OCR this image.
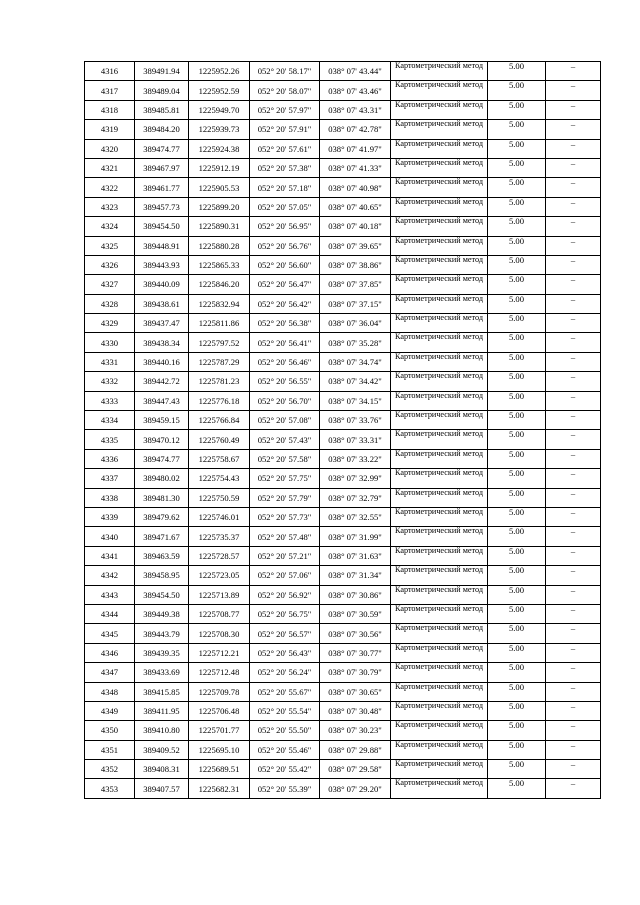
4316	389491.94	1225952.26	052° 20' 58.17"	038° 07' 43.44"	Картометрический метод	5.00	–
4317	389489.04	1225952.59	052° 20' 58.07"	038° 07' 43.46"	Картометрический метод	5.00	–
4318	389485.81	1225949.70	052° 20' 57.97"	038° 07' 43.31"	Картометрический метод	5.00	–
4319	389484.20	1225939.73	052° 20' 57.91"	038° 07' 42.78"	Картометрический метод	5.00	–
4320	389474.77	1225924.38	052° 20' 57.61"	038° 07' 41.97"	Картометрический метод	5.00	–
4321	389467.97	1225912.19	052° 20' 57.38"	038° 07' 41.33"	Картометрический метод	5.00	–
4322	389461.77	1225905.53	052° 20' 57.18"	038° 07' 40.98"	Картометрический метод	5.00	–
4323	389457.73	1225899.20	052° 20' 57.05"	038° 07' 40.65"	Картометрический метод	5.00	–
4324	389454.50	1225890.31	052° 20' 56.95"	038° 07' 40.18"	Картометрический метод	5.00	–
4325	389448.91	1225880.28	052° 20' 56.76"	038° 07' 39.65"	Картометрический метод	5.00	–
4326	389443.93	1225865.33	052° 20' 56.60"	038° 07' 38.86"	Картометрический метод	5.00	–
4327	389440.09	1225846.20	052° 20' 56.47"	038° 07' 37.85"	Картометрический метод	5.00	–
4328	389438.61	1225832.94	052° 20' 56.42"	038° 07' 37.15"	Картометрический метод	5.00	–
4329	389437.47	1225811.86	052° 20' 56.38"	038° 07' 36.04"	Картометрический метод	5.00	–
4330	389438.34	1225797.52	052° 20' 56.41"	038° 07' 35.28"	Картометрический метод	5.00	–
4331	389440.16	1225787.29	052° 20' 56.46"	038° 07' 34.74"	Картометрический метод	5.00	–
4332	389442.72	1225781.23	052° 20' 56.55"	038° 07' 34.42"	Картометрический метод	5.00	–
4333	389447.43	1225776.18	052° 20' 56.70"	038° 07' 34.15"	Картометрический метод	5.00	–
4334	389459.15	1225766.84	052° 20' 57.08"	038° 07' 33.76"	Картометрический метод	5.00	–
4335	389470.12	1225760.49	052° 20' 57.43"	038° 07' 33.31"	Картометрический метод	5.00	–
4336	389474.77	1225758.67	052° 20' 57.58"	038° 07' 33.22"	Картометрический метод	5.00	–
4337	389480.02	1225754.43	052° 20' 57.75"	038° 07' 32.99"	Картометрический метод	5.00	–
4338	389481.30	1225750.59	052° 20' 57.79"	038° 07' 32.79"	Картометрический метод	5.00	–
4339	389479.62	1225746.01	052° 20' 57.73"	038° 07' 32.55"	Картометрический метод	5.00	–
4340	389471.67	1225735.37	052° 20' 57.48"	038° 07' 31.99"	Картометрический метод	5.00	–
4341	389463.59	1225728.57	052° 20' 57.21"	038° 07' 31.63"	Картометрический метод	5.00	–
4342	389458.95	1225723.05	052° 20' 57.06"	038° 07' 31.34"	Картометрический метод	5.00	–
4343	389454.50	1225713.89	052° 20' 56.92"	038° 07' 30.86"	Картометрический метод	5.00	–
4344	389449.38	1225708.77	052° 20' 56.75"	038° 07' 30.59"	Картометрический метод	5.00	–
4345	389443.79	1225708.30	052° 20' 56.57"	038° 07' 30.56"	Картометрический метод	5.00	–
4346	389439.35	1225712.21	052° 20' 56.43"	038° 07' 30.77"	Картометрический метод	5.00	–
4347	389433.69	1225712.48	052° 20' 56.24"	038° 07' 30.79"	Картометрический метод	5.00	–
4348	389415.85	1225709.78	052° 20' 55.67"	038° 07' 30.65"	Картометрический метод	5.00	–
4349	389411.95	1225706.48	052° 20' 55.54"	038° 07' 30.48"	Картометрический метод	5.00	–
4350	389410.80	1225701.77	052° 20' 55.50"	038° 07' 30.23"	Картометрический метод	5.00	–
4351	389409.52	1225695.10	052° 20' 55.46"	038° 07' 29.88"	Картометрический метод	5.00	–
4352	389408.31	1225689.51	052° 20' 55.42"	038° 07' 29.58"	Картометрический метод	5.00	–
4353	389407.57	1225682.31	052° 20' 55.39"	038° 07' 29.20"	Картометрический метод	5.00	–
